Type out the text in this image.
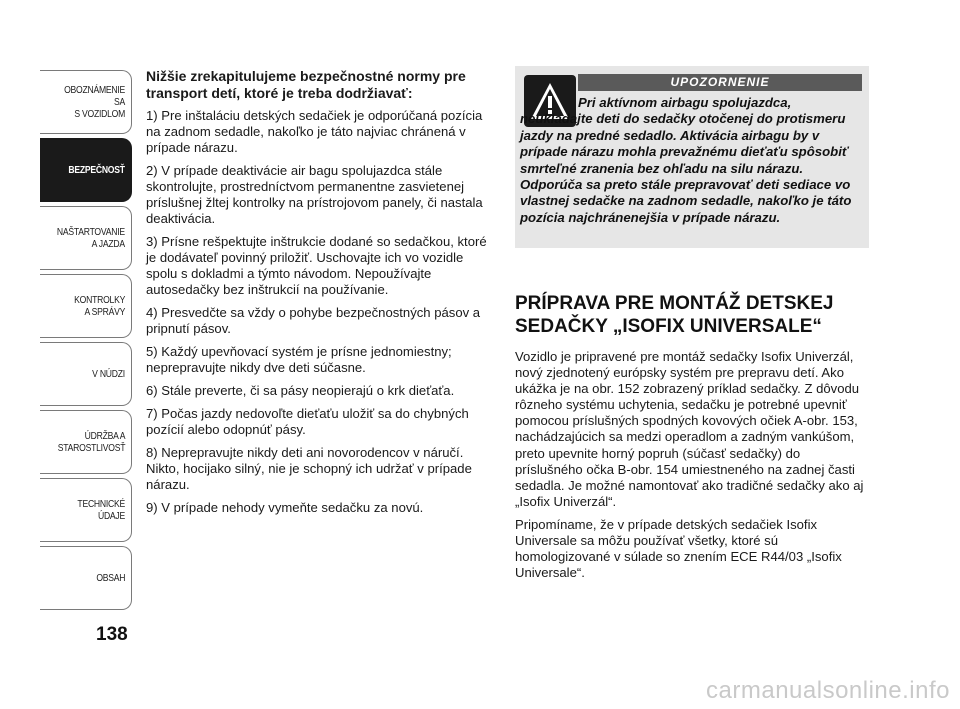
OBOZNÁMENIE SA
S VOZIDLOM
BEZPEČNOSŤ
NAŠTARTOVANIE
A JAZDA
KONTROLKY
A SPRÁVY
V NÚDZI
ÚDRŽBA A
STAROSTLIVOSŤ
TECHNICKÉ
ÚDAJE
OBSAH
138

Nižšie zrekapitulujeme bezpečnostné normy pre transport detí, ktoré je treba dodržiavať:

1) Pre inštaláciu detských sedačiek je odporúčaná pozícia na zadnom sedadle, nakoľko je táto najviac chránená v prípade nárazu.

2) V prípade deaktivácie air bagu spolujazdca stále skontrolujte, prostredníctvom permanentne zasvietenej príslušnej žltej kontrolky na prístrojovom panely, či nastala deaktivácia.

3) Prísne rešpektujte inštrukcie dodané so sedačkou, ktoré je dodávateľ povinný priložiť. Uschovajte ich vo vozidle spolu s dokladmi a týmto návodom. Nepoužívajte autosedačky bez inštrukcií na používanie.

4) Presvedčte sa vždy o pohybe bezpečnostných pásov a pripnutí pásov.

5) Každý upevňovací systém je prísne jednomiestny; neprepravujte nikdy dve deti súčasne.

6) Stále preverte, či sa pásy neopierajú o krk dieťaťa.

7) Počas jazdy nedovoľte dieťaťu uložiť sa do chybných pozícií alebo odopnúť pásy.

8) Neprepravujte nikdy deti ani novorodencov v náručí. Nikto, hocijako silný, nie je schopný ich udržať v prípade nárazu.

9) V prípade nehody vymeňte sedačku za novú.

UPOZORNENIE
Pri aktívnom airbagu spolujazdca, neukladajte deti do sedačky otočenej do protismeru jazdy na predné sedadlo. Aktivácia airbagu by v prípade nárazu mohla prevažnému dieťaťu spôsobiť smrteľné zranenia bez ohľadu na silu nárazu. Odporúča sa preto stále prepravovať deti sediace vo vlastnej sedačke na zadnom sedadle, nakoľko je táto pozícia najchránenejšia v prípade nárazu.
PRÍPRAVA PRE MONTÁŽ DETSKEJ SEDAČKY „ISOFIX UNIVERSALE“

Vozidlo je pripravené pre montáž sedačky Isofix Univerzál, nový zjednotený európsky systém pre prepravu detí. Ako ukážka je na obr. 152 zobrazený príklad sedačky. Z dôvodu rôzneho systému uchytenia, sedačku je potrebné upevniť pomocou príslušných spodných kovových očiek A-obr. 153, nachádzajúcich sa medzi operadlom a zadným vankúšom, preto upevnite horný popruh (súčasť sedačky) do príslušného očka B-obr. 154 umiestneného na zadnej časti sedadla. Je možné namontovať ako tradičné sedačky ako aj „Isofix Univerzál“.

Pripomíname, že v prípade detských sedačiek Isofix Universale sa môžu používať všetky, ktoré sú homologizované v súlade so znením ECE R44/03 „Isofix Universale“.

carmanualsonline.info
